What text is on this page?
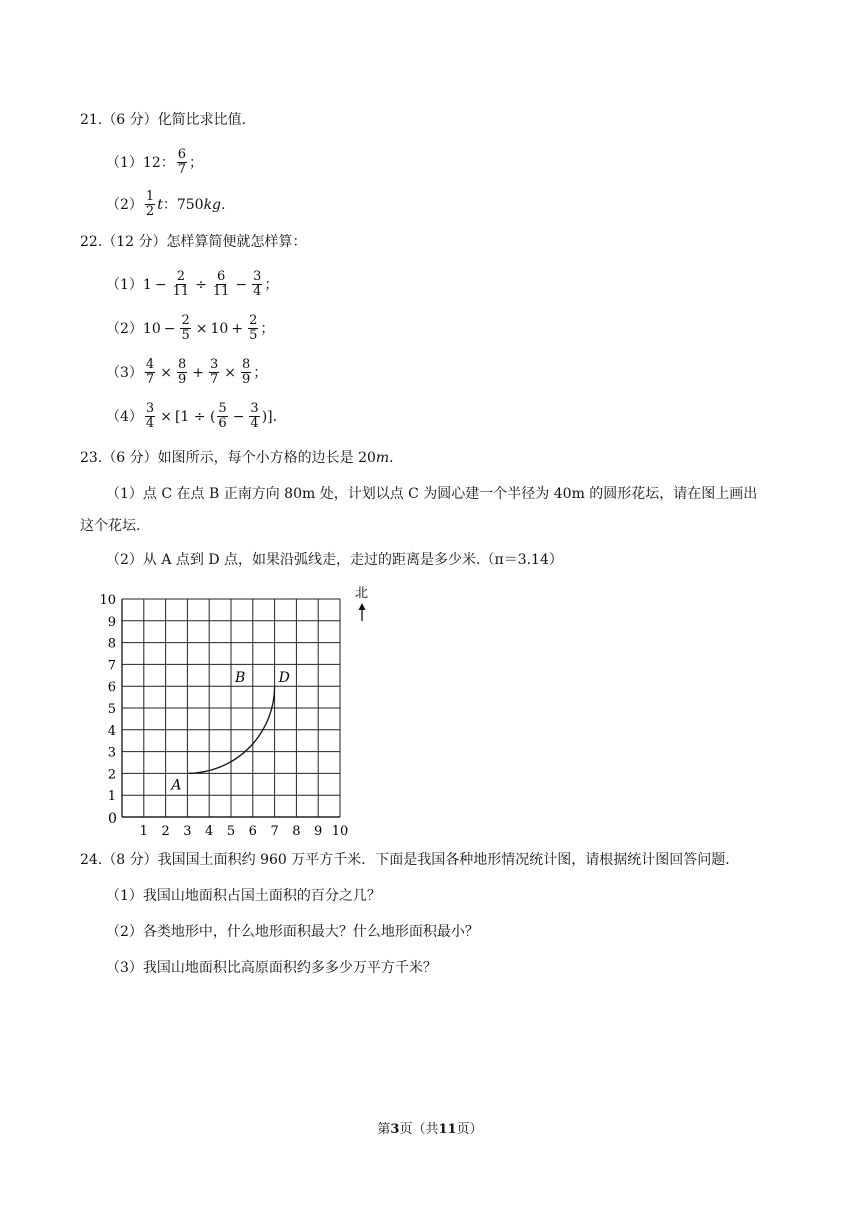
21.（6 分）化简比求比值.
（1）12： $\frac{6}{7}$ ；
$(2) \frac{1}{2}$ t ：750 kg .
22.（12 分）怎样算简便就怎样算：
（1） $1 - \frac{2}{11} \div \frac{6}{11} - \frac{3}{4}$ ；
（2） $10 - \frac{2}{5} \times 10 + \frac{2}{5}$ ；
$(3) \frac{4}{7} \times \frac{8}{9} + \frac{3}{7} \times \frac{8}{9}$ ；
$(4) \frac{3}{4} \times [1$ ÷ ( $\frac{5}{6} - \frac{3}{4}$ )].
23.（6 分）如图所示，每个小方格的边长是 20 m .
（1）点 C 在点 B 正南方向 80m 处，计划以点 C 为圆心建一个半径为 40m 的圆形花坛，请在图上画出
这个花坛.
（2）从 A 点到 D 点，如果沿弧线走，走过的距离是多少米.（π＝3.14）
1 2 3 4 5 6 7 8 9 10
1
2
3
4
5
6
7
8
9
10
0
A
B D
北
24.（8 分）我国国土面积约 960 万平方千米．下面是我国各种地形情况统计图，请根据统计图回答问题.
（1）我国山地面积占国土面积的百分之几？
（2）各类地形中，什么地形面积最大？什么地形面积最小？
（3）我国山地面积比高原面积约多多少万平方千米？
第3页（共11页）
